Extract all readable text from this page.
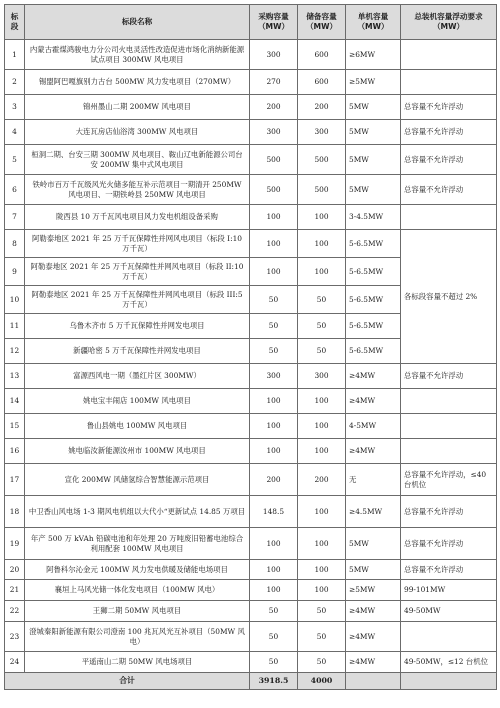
标段	标段名称	采购容量（MW）	储备容量（MW）	单机容量（MW）	总装机容量浮动要求（MW）
1	内蒙古霍煤鸿骏电力分公司火电灵活性改造促进市场化消纳新能源试点项目 300MW 风电项目	300	600	≥6MW	
2	锡盟阿巴嘎旗别力古台 500MW 风力发电项目（270MW）	270	600	≥5MW	
3	锦州墨山二期 200MW 风电项目	200	200	5MW	总容量不允许浮动
4	大连瓦房店仙浴湾 300MW 风电项目	300	300	5MW	总容量不允许浮动
5	桓洞二期、台安三期 300MW 风电项目、鞍山辽电新能源公司台安 200MW 集中式风电项目	500	500	5MW	总容量不允许浮动
6	铁岭市百万千瓦级风光火储多能互补示范项目一期清开 250MW 风电项目、一期铁岭县 250MW 风电项目	500	500	5MW	总容量不允许浮动
7	陇西县 10 万千瓦风电项目风力发电机组设备采购	100	100	3-4.5MW	
8	阿勒泰地区 2021 年 25 万千瓦保障性并网风电项目（标段 I:10 万千瓦）	100	100	5-6.5MW	各标段容量不超过 2%
9	阿勒泰地区 2021 年 25 万千瓦保障性并网风电项目（标段 II:10 万千瓦）	100	100	5-6.5MW	
10	阿勒泰地区 2021 年 25 万千瓦保障性并网风电项目（标段 III:5 万千瓦）	50	50	5-6.5MW	
11	乌鲁木齐市 5 万千瓦保障性并网发电项目	50	50	5-6.5MW	
12	新疆哈密 5 万千瓦保障性并网发电项目	50	50	5-6.5MW	
13	富源西风电一期（墨红片区 300MW）	300	300	≥4MW	总容量不允许浮动
14	姚电宝丰闹店 100MW 风电项目	100	100	≥4MW	
15	鲁山县姚电 100MW 风电项目	100	100	4-5MW	
16	姚电临汝新能源汝州市 100MW 风电项目	100	100	≥4MW	
17	宣化 200MW 风储氢综合智慧能源示范项目	200	200	无	总容量不允许浮动，≤40 台机位
18	中卫香山风电场 1-3 期风电机组以大代小“更新试点 14.85 万项目	148.5	100	≥4.5MW	总容量不允许浮动
19	年产 500 万 kVAh 铅碳电池和年处理 20 万吨废旧铅蓄电池综合利用配套 100MW 风电项目	100	100	5MW	总容量不允许浮动
20	阿鲁科尔沁金元 100MW 风力发电供暖及储能电场项目	100	100	5MW	总容量不允许浮动
21	襄垣上马风光储一体化发电项目（100MW 风电）	100	100	≥5MW	99-101MW
22	王狮二期 50MW 风电项目	50	50	≥4MW	49-50MW
23	澄城秦阳新能源有限公司澄南 100 兆瓦风光互补项目（50MW 风电）	50	50	≥4MW	
24	平遥南山二期 50MW 风电场项目	50	50	≥4MW	49-50MW，≤12 台机位
合计		3918.5	4000		
